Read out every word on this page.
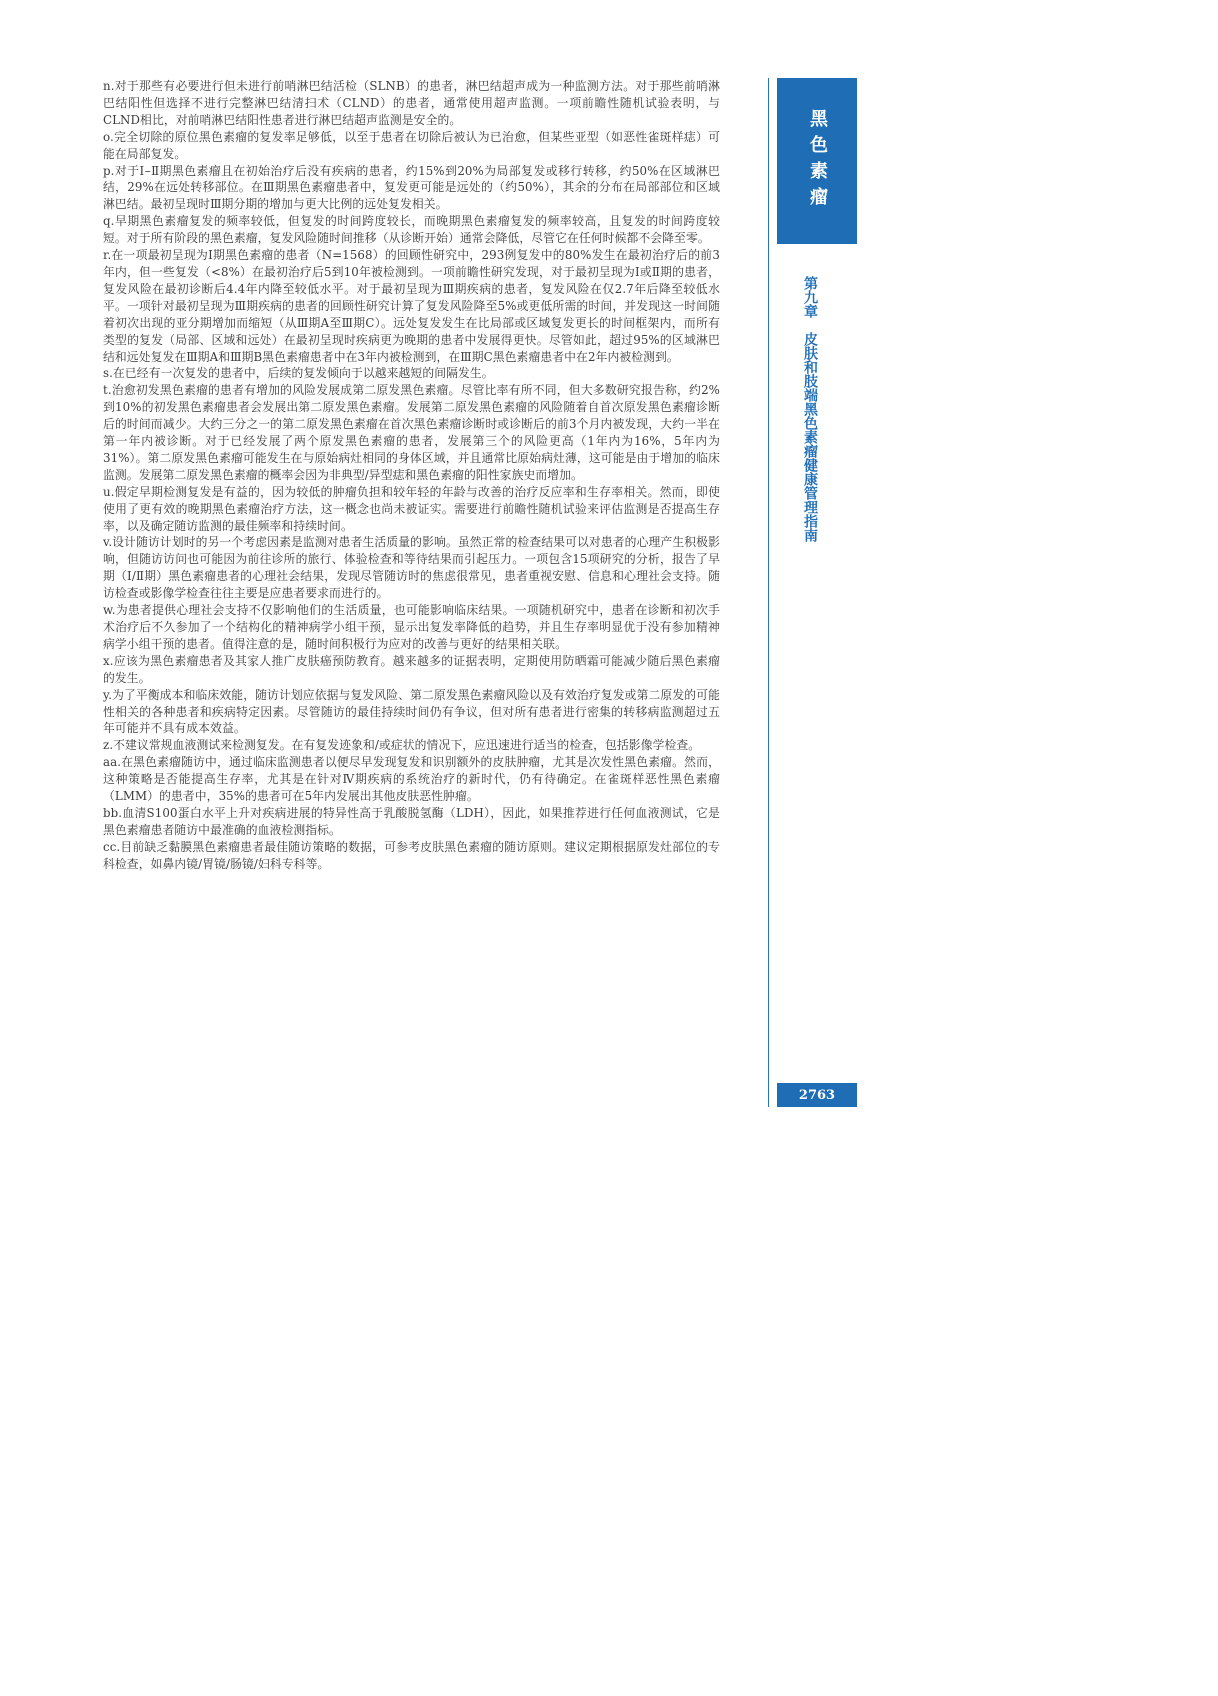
n.对于那些有必要进行但未进行前哨淋巴结活检（SLNB）的患者，淋巴结超声成为一种监测方法。对于那些前哨淋巴结阳性但选择不进行完整淋巴结清扫术（CLND）的患者，通常使用超声监测。一项前瞻性随机试验表明，与CLND相比，对前哨淋巴结阳性患者进行淋巴结超声监测是安全的。

o.完全切除的原位黑色素瘤的复发率足够低，以至于患者在切除后被认为已治愈，但某些亚型（如恶性雀斑样痣）可能在局部复发。

p.对于Ⅰ–Ⅱ期黑色素瘤且在初始治疗后没有疾病的患者，约15%到20%为局部复发或移行转移，约50%在区域淋巴结，29%在远处转移部位。在Ⅲ期黑色素瘤患者中，复发更可能是远处的（约50%），其余的分布在局部部位和区域淋巴结。最初呈现时Ⅲ期分期的增加与更大比例的远处复发相关。

q.早期黑色素瘤复发的频率较低，但复发的时间跨度较长，而晚期黑色素瘤复发的频率较高，且复发的时间跨度较短。对于所有阶段的黑色素瘤，复发风险随时间推移（从诊断开始）通常会降低，尽管它在任何时候都不会降至零。

r.在一项最初呈现为Ⅰ期黑色素瘤的患者（N=1568）的回顾性研究中，293例复发中的80%发生在最初治疗后的前3年内，但一些复发（<8%）在最初治疗后5到10年被检测到。一项前瞻性研究发现，对于最初呈现为Ⅰ或Ⅱ期的患者，复发风险在最初诊断后4.4年内降至较低水平。对于最初呈现为Ⅲ期疾病的患者，复发风险在仅2.7年后降至较低水平。一项针对最初呈现为Ⅲ期疾病的患者的回顾性研究计算了复发风险降至5%或更低所需的时间，并发现这一时间随着初次出现的亚分期增加而缩短（从Ⅲ期A至Ⅲ期C）。远处复发发生在比局部或区域复发更长的时间框架内，而所有类型的复发（局部、区域和远处）在最初呈现时疾病更为晚期的患者中发展得更快。尽管如此，超过95%的区域淋巴结和远处复发在Ⅲ期A和Ⅲ期B黑色素瘤患者中在3年内被检测到，在Ⅲ期C黑色素瘤患者中在2年内被检测到。

s.在已经有一次复发的患者中，后续的复发倾向于以越来越短的间隔发生。

t.治愈初发黑色素瘤的患者有增加的风险发展成第二原发黑色素瘤。尽管比率有所不同，但大多数研究报告称，约2%到10%的初发黑色素瘤患者会发展出第二原发黑色素瘤。发展第二原发黑色素瘤的风险随着自首次原发黑色素瘤诊断后的时间而减少。大约三分之一的第二原发黑色素瘤在首次黑色素瘤诊断时或诊断后的前3个月内被发现，大约一半在第一年内被诊断。对于已经发展了两个原发黑色素瘤的患者，发展第三个的风险更高（1年内为16%，5年内为31%）。第二原发黑色素瘤可能发生在与原始病灶相同的身体区域，并且通常比原始病灶薄，这可能是由于增加的临床监测。发展第二原发黑色素瘤的概率会因为非典型/异型痣和黑色素瘤的阳性家族史而增加。

u.假定早期检测复发是有益的，因为较低的肿瘤负担和较年轻的年龄与改善的治疗反应率和生存率相关。然而，即使使用了更有效的晚期黑色素瘤治疗方法，这一概念也尚未被证实。需要进行前瞻性随机试验来评估监测是否提高生存率，以及确定随访监测的最佳频率和持续时间。

v.设计随访计划时的另一个考虑因素是监测对患者生活质量的影响。虽然正常的检查结果可以对患者的心理产生积极影响，但随访访问也可能因为前往诊所的旅行、体验检查和等待结果而引起压力。一项包含15项研究的分析，报告了早期（Ⅰ/Ⅱ期）黑色素瘤患者的心理社会结果，发现尽管随访时的焦虑很常见，患者重视安慰、信息和心理社会支持。随访检查或影像学检查往往主要是应患者要求而进行的。

w.为患者提供心理社会支持不仅影响他们的生活质量，也可能影响临床结果。一项随机研究中，患者在诊断和初次手术治疗后不久参加了一个结构化的精神病学小组干预，显示出复发率降低的趋势，并且生存率明显优于没有参加精神病学小组干预的患者。值得注意的是，随时间积极行为应对的改善与更好的结果相关联。

x.应该为黑色素瘤患者及其家人推广皮肤癌预防教育。越来越多的证据表明，定期使用防晒霜可能减少随后黑色素瘤的发生。

y.为了平衡成本和临床效能，随访计划应依据与复发风险、第二原发黑色素瘤风险以及有效治疗复发或第二原发的可能性相关的各种患者和疾病特定因素。尽管随访的最佳持续时间仍有争议，但对所有患者进行密集的转移病监测超过五年可能并不具有成本效益。

z.不建议常规血液测试来检测复发。在有复发迹象和/或症状的情况下，应迅速进行适当的检查，包括影像学检查。

aa.在黑色素瘤随访中，通过临床监测患者以便尽早发现复发和识别额外的皮肤肿瘤，尤其是次发性黑色素瘤。然而，这种策略是否能提高生存率，尤其是在针对Ⅳ期疾病的系统治疗的新时代，仍有待确定。在雀斑样恶性黑色素瘤（LMM）的患者中，35%的患者可在5年内发展出其他皮肤恶性肿瘤。

bb.血清S100蛋白水平上升对疾病进展的特异性高于乳酸脱氢酶（LDH），因此，如果推荐进行任何血液测试，它是黑色素瘤患者随访中最准确的血液检测指标。

cc.目前缺乏黏膜黑色素瘤患者最佳随访策略的数据，可参考皮肤黑色素瘤的随访原则。建议定期根据原发灶部位的专科检查，如鼻内镜/胃镜/肠镜/妇科专科等。

黑色素瘤
第九章　皮肤和肢端黑色素瘤健康管理指南
2763
